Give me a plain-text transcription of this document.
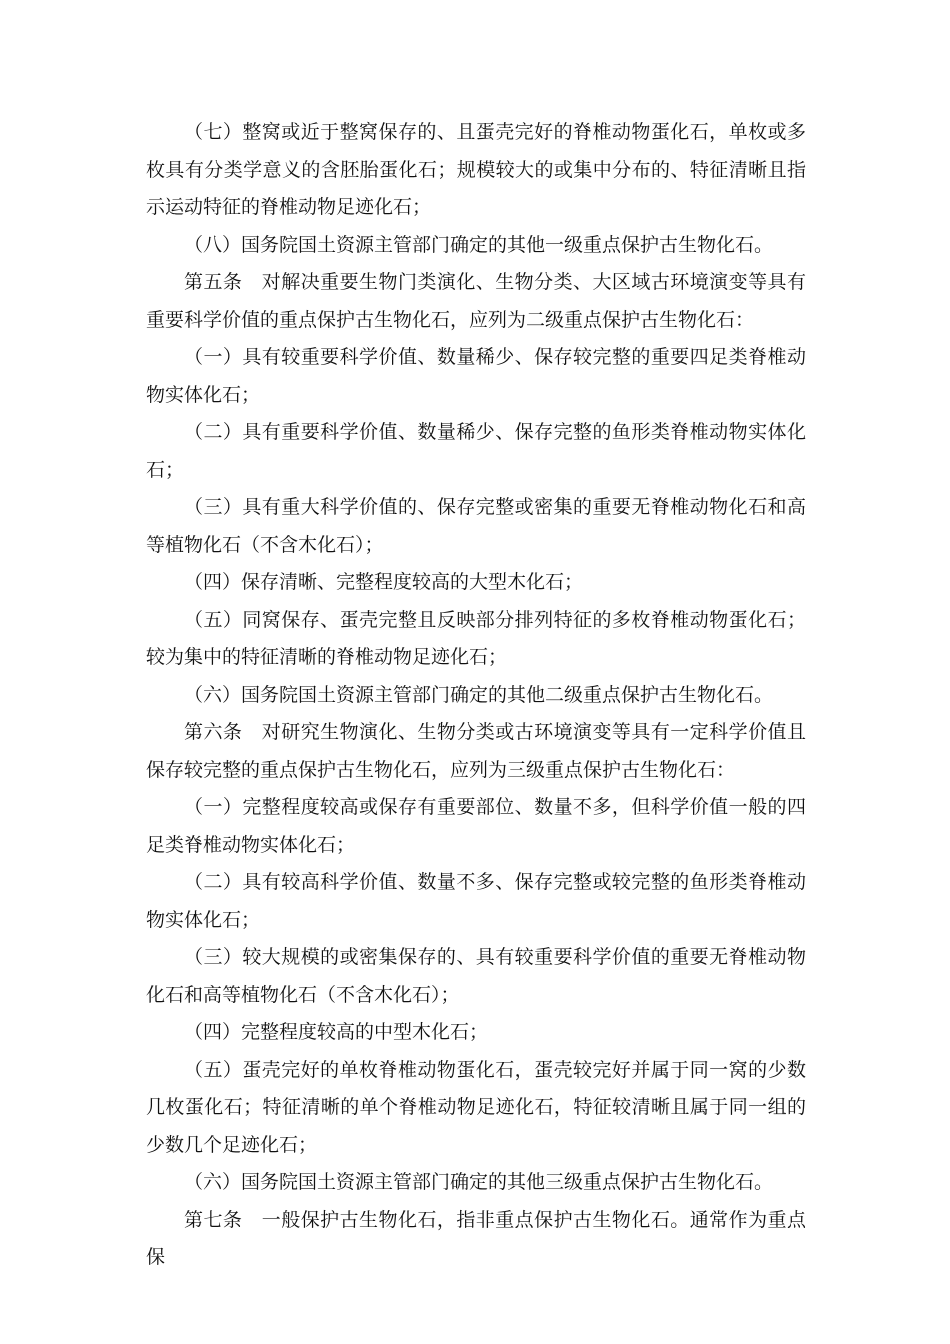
（七）整窝或近于整窝保存的、且蛋壳完好的脊椎动物蛋化石，单枚或多枚具有分类学意义的含胚胎蛋化石；规模较大的或集中分布的、特征清晰且指示运动特征的脊椎动物足迹化石；

（八）国务院国土资源主管部门确定的其他一级重点保护古生物化石。

第五条　对解决重要生物门类演化、生物分类、大区域古环境演变等具有重要科学价值的重点保护古生物化石，应列为二级重点保护古生物化石：

（一）具有较重要科学价值、数量稀少、保存较完整的重要四足类脊椎动物实体化石；

（二）具有重要科学价值、数量稀少、保存完整的鱼形类脊椎动物实体化石；

（三）具有重大科学价值的、保存完整或密集的重要无脊椎动物化石和高等植物化石（不含木化石）；

（四）保存清晰、完整程度较高的大型木化石；

（五）同窝保存、蛋壳完整且反映部分排列特征的多枚脊椎动物蛋化石；较为集中的特征清晰的脊椎动物足迹化石；

（六）国务院国土资源主管部门确定的其他二级重点保护古生物化石。

第六条　对研究生物演化、生物分类或古环境演变等具有一定科学价值且保存较完整的重点保护古生物化石，应列为三级重点保护古生物化石：

（一）完整程度较高或保存有重要部位、数量不多，但科学价值一般的四足类脊椎动物实体化石；

（二）具有较高科学价值、数量不多、保存完整或较完整的鱼形类脊椎动物实体化石；

（三）较大规模的或密集保存的、具有较重要科学价值的重要无脊椎动物化石和高等植物化石（不含木化石）；

（四）完整程度较高的中型木化石；

（五）蛋壳完好的单枚脊椎动物蛋化石，蛋壳较完好并属于同一窝的少数几枚蛋化石；特征清晰的单个脊椎动物足迹化石，特征较清晰且属于同一组的少数几个足迹化石；

（六）国务院国土资源主管部门确定的其他三级重点保护古生物化石。

第七条　一般保护古生物化石，指非重点保护古生物化石。通常作为重点保
